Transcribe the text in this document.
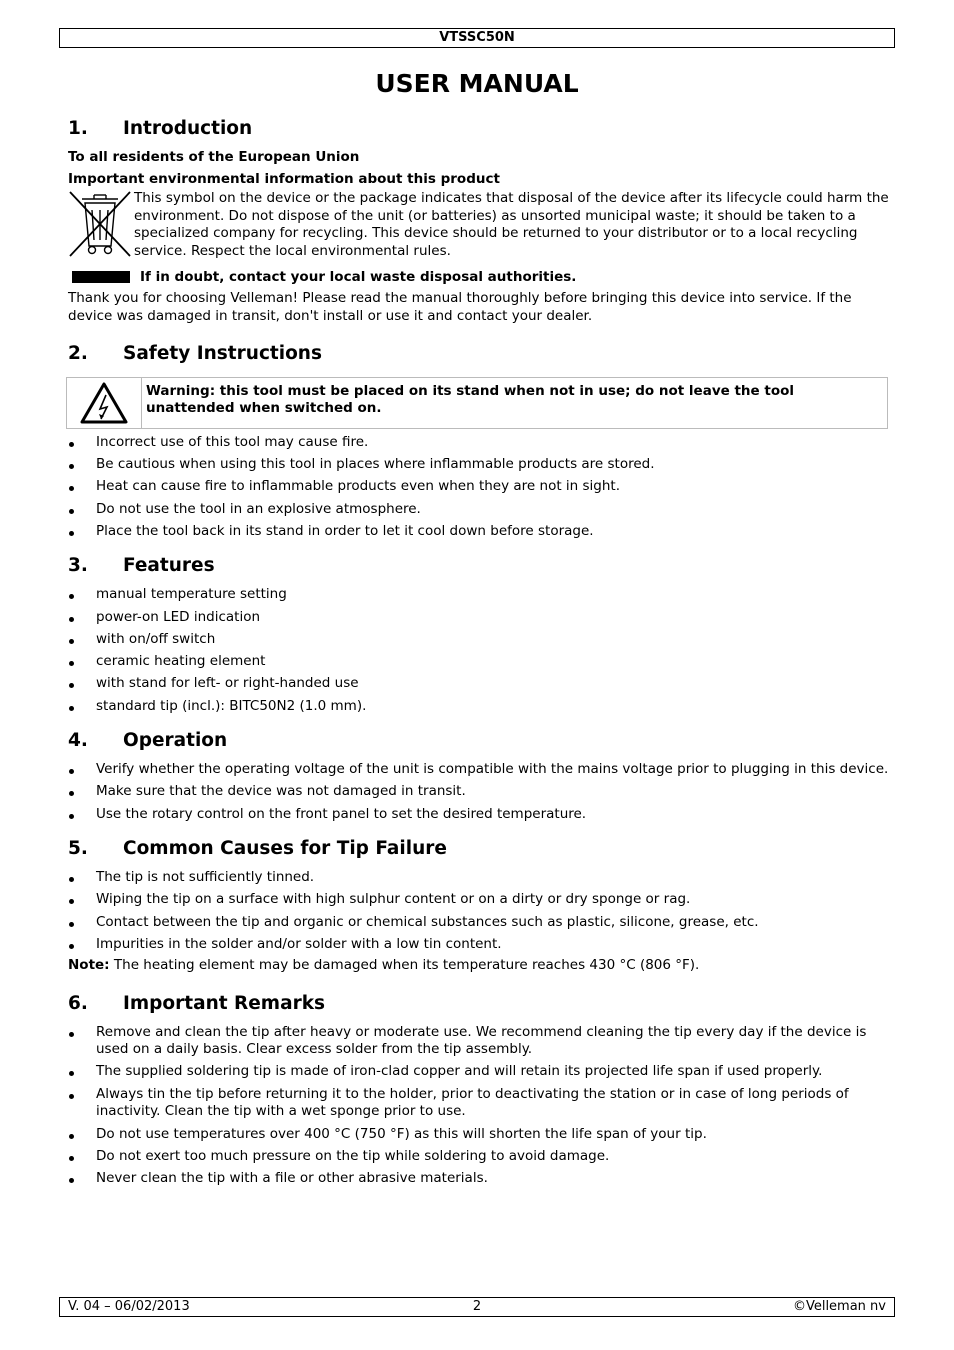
VTSSC50N
USER MANUAL
1.	Introduction

To all residents of the European Union

Important environmental information about this product

This symbol on the device or the package indicates that disposal of the device after its lifecycle could harm the environment. Do not dispose of the unit (or batteries) as unsorted municipal waste; it should be taken to a specialized company for recycling. This device should be returned to your distributor or to a local recycling service. Respect the local environmental rules.
If in doubt, contact your local waste disposal authorities.

Thank you for choosing Velleman! Please read the manual thoroughly before bringing this device into service. If the device was damaged in transit, don't install or use it and contact your dealer.

2.	Safety Instructions
Warning: this tool must be placed on its stand when not in use; do not leave the tool unattended when switched on.
Incorrect use of this tool may cause fire.
Be cautious when using this tool in places where inflammable products are stored.
Heat can cause fire to inflammable products even when they are not in sight.
Do not use the tool in an explosive atmosphere.
Place the tool back in its stand in order to let it cool down before storage.
3.	Features
manual temperature setting
power-on LED indication
with on/off switch
ceramic heating element
with stand for left- or right-handed use
standard tip (incl.): BITC50N2 (1.0 mm).
4.	Operation
Verify whether the operating voltage of the unit is compatible with the mains voltage prior to plugging in this device.
Make sure that the device was not damaged in transit.
Use the rotary control on the front panel to set the desired temperature.
5.	Common Causes for Tip Failure
The tip is not sufficiently tinned.
Wiping the tip on a surface with high sulphur content or on a dirty or dry sponge or rag.
Contact between the tip and organic or chemical substances such as plastic, silicone, grease, etc.
Impurities in the solder and/or solder with a low tin content.

Note: The heating element may be damaged when its temperature reaches 430 °C (806 °F).

6.	Important Remarks
Remove and clean the tip after heavy or moderate use. We recommend cleaning the tip every day if the device is used on a daily basis. Clear excess solder from the tip assembly.
The supplied soldering tip is made of iron-clad copper and will retain its projected life span if used properly.
Always tin the tip before returning it to the holder, prior to deactivating the station or in case of long periods of inactivity. Clean the tip with a wet sponge prior to use.
Do not use temperatures over 400 °C (750 °F) as this will shorten the life span of your tip.
Do not exert too much pressure on the tip while soldering to avoid damage.
Never clean the tip with a file or other abrasive materials.
V. 04 – 06/02/2013	2	©Velleman nv
